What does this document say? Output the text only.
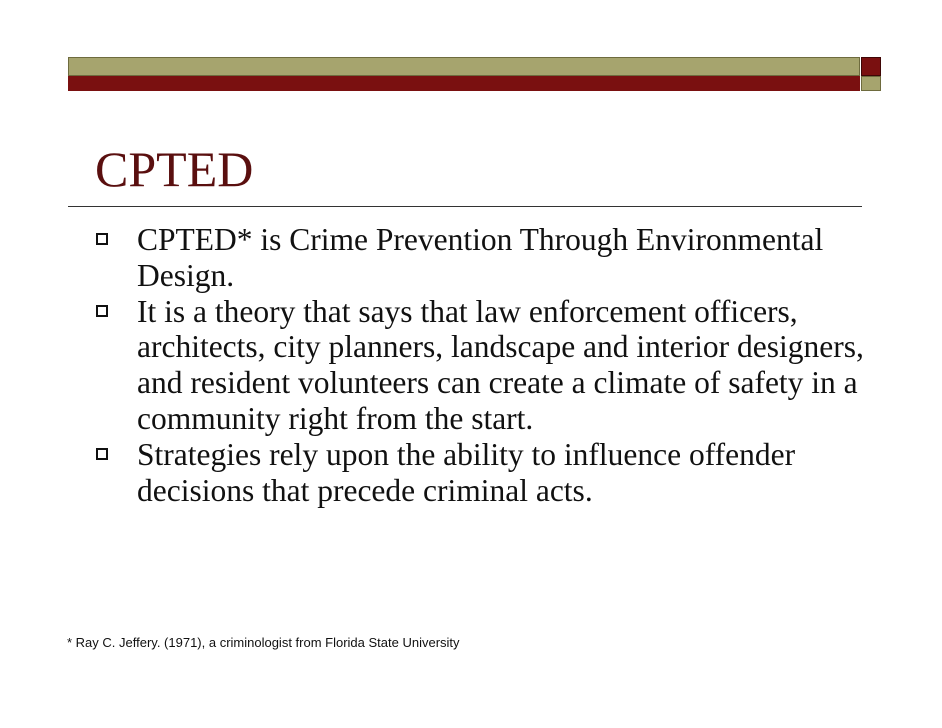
CPTED
CPTED* is Crime Prevention Through Environmental Design.
It is a theory that says that law enforcement officers, architects, city planners, landscape and interior designers, and resident volunteers can create a climate of safety in a community right from the start.
Strategies rely upon the ability to influence offender decisions that precede criminal acts.
* Ray C. Jeffery. (1971), a criminologist from Florida State University
